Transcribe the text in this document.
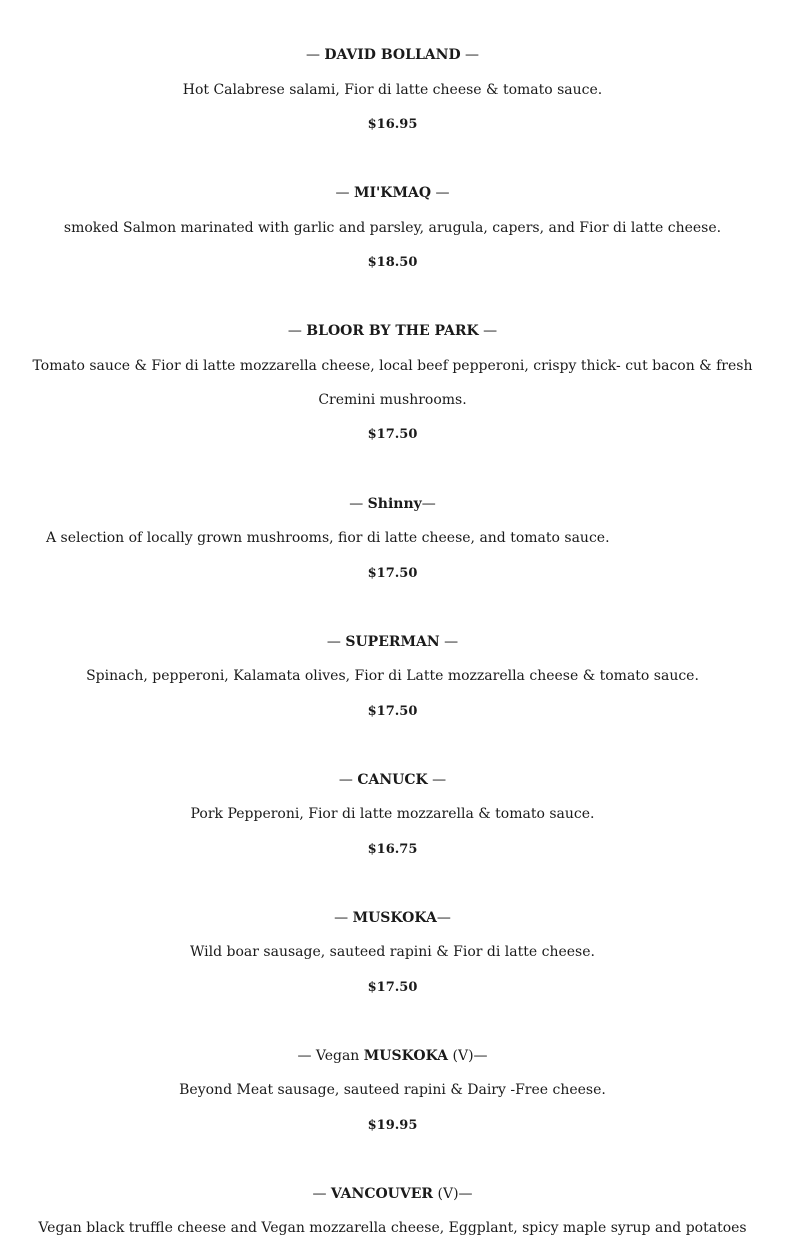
— DAVID BOLLAND —
Hot Calabrese salami, Fior di latte cheese & tomato sauce.
$16.95
— MI'KMAQ —
smoked Salmon marinated with garlic and parsley, arugula, capers, and Fior di latte cheese.
$18.50
— BLOOR BY THE PARK —
Tomato sauce & Fior di latte mozzarella cheese, local beef pepperoni, crispy thick- cut bacon & fresh
Cremini mushrooms.
$17.50
— Shinny—
A selection of locally grown mushrooms, fior di latte cheese, and tomato sauce.
$17.50
— SUPERMAN —
Spinach, pepperoni, Kalamata olives, Fior di Latte mozzarella cheese & tomato sauce.
$17.50
— CANUCK —
Pork Pepperoni, Fior di latte mozzarella & tomato sauce.
$16.75
— MUSKOKA—
Wild boar sausage, sauteed rapini & Fior di latte cheese.
$17.50
— Vegan MUSKOKA (V)—
Beyond Meat sausage, sauteed rapini & Dairy -Free cheese.
$19.95
— VANCOUVER (V)—
Vegan black truffle cheese and Vegan mozzarella cheese, Eggplant, spicy maple syrup and potatoes
